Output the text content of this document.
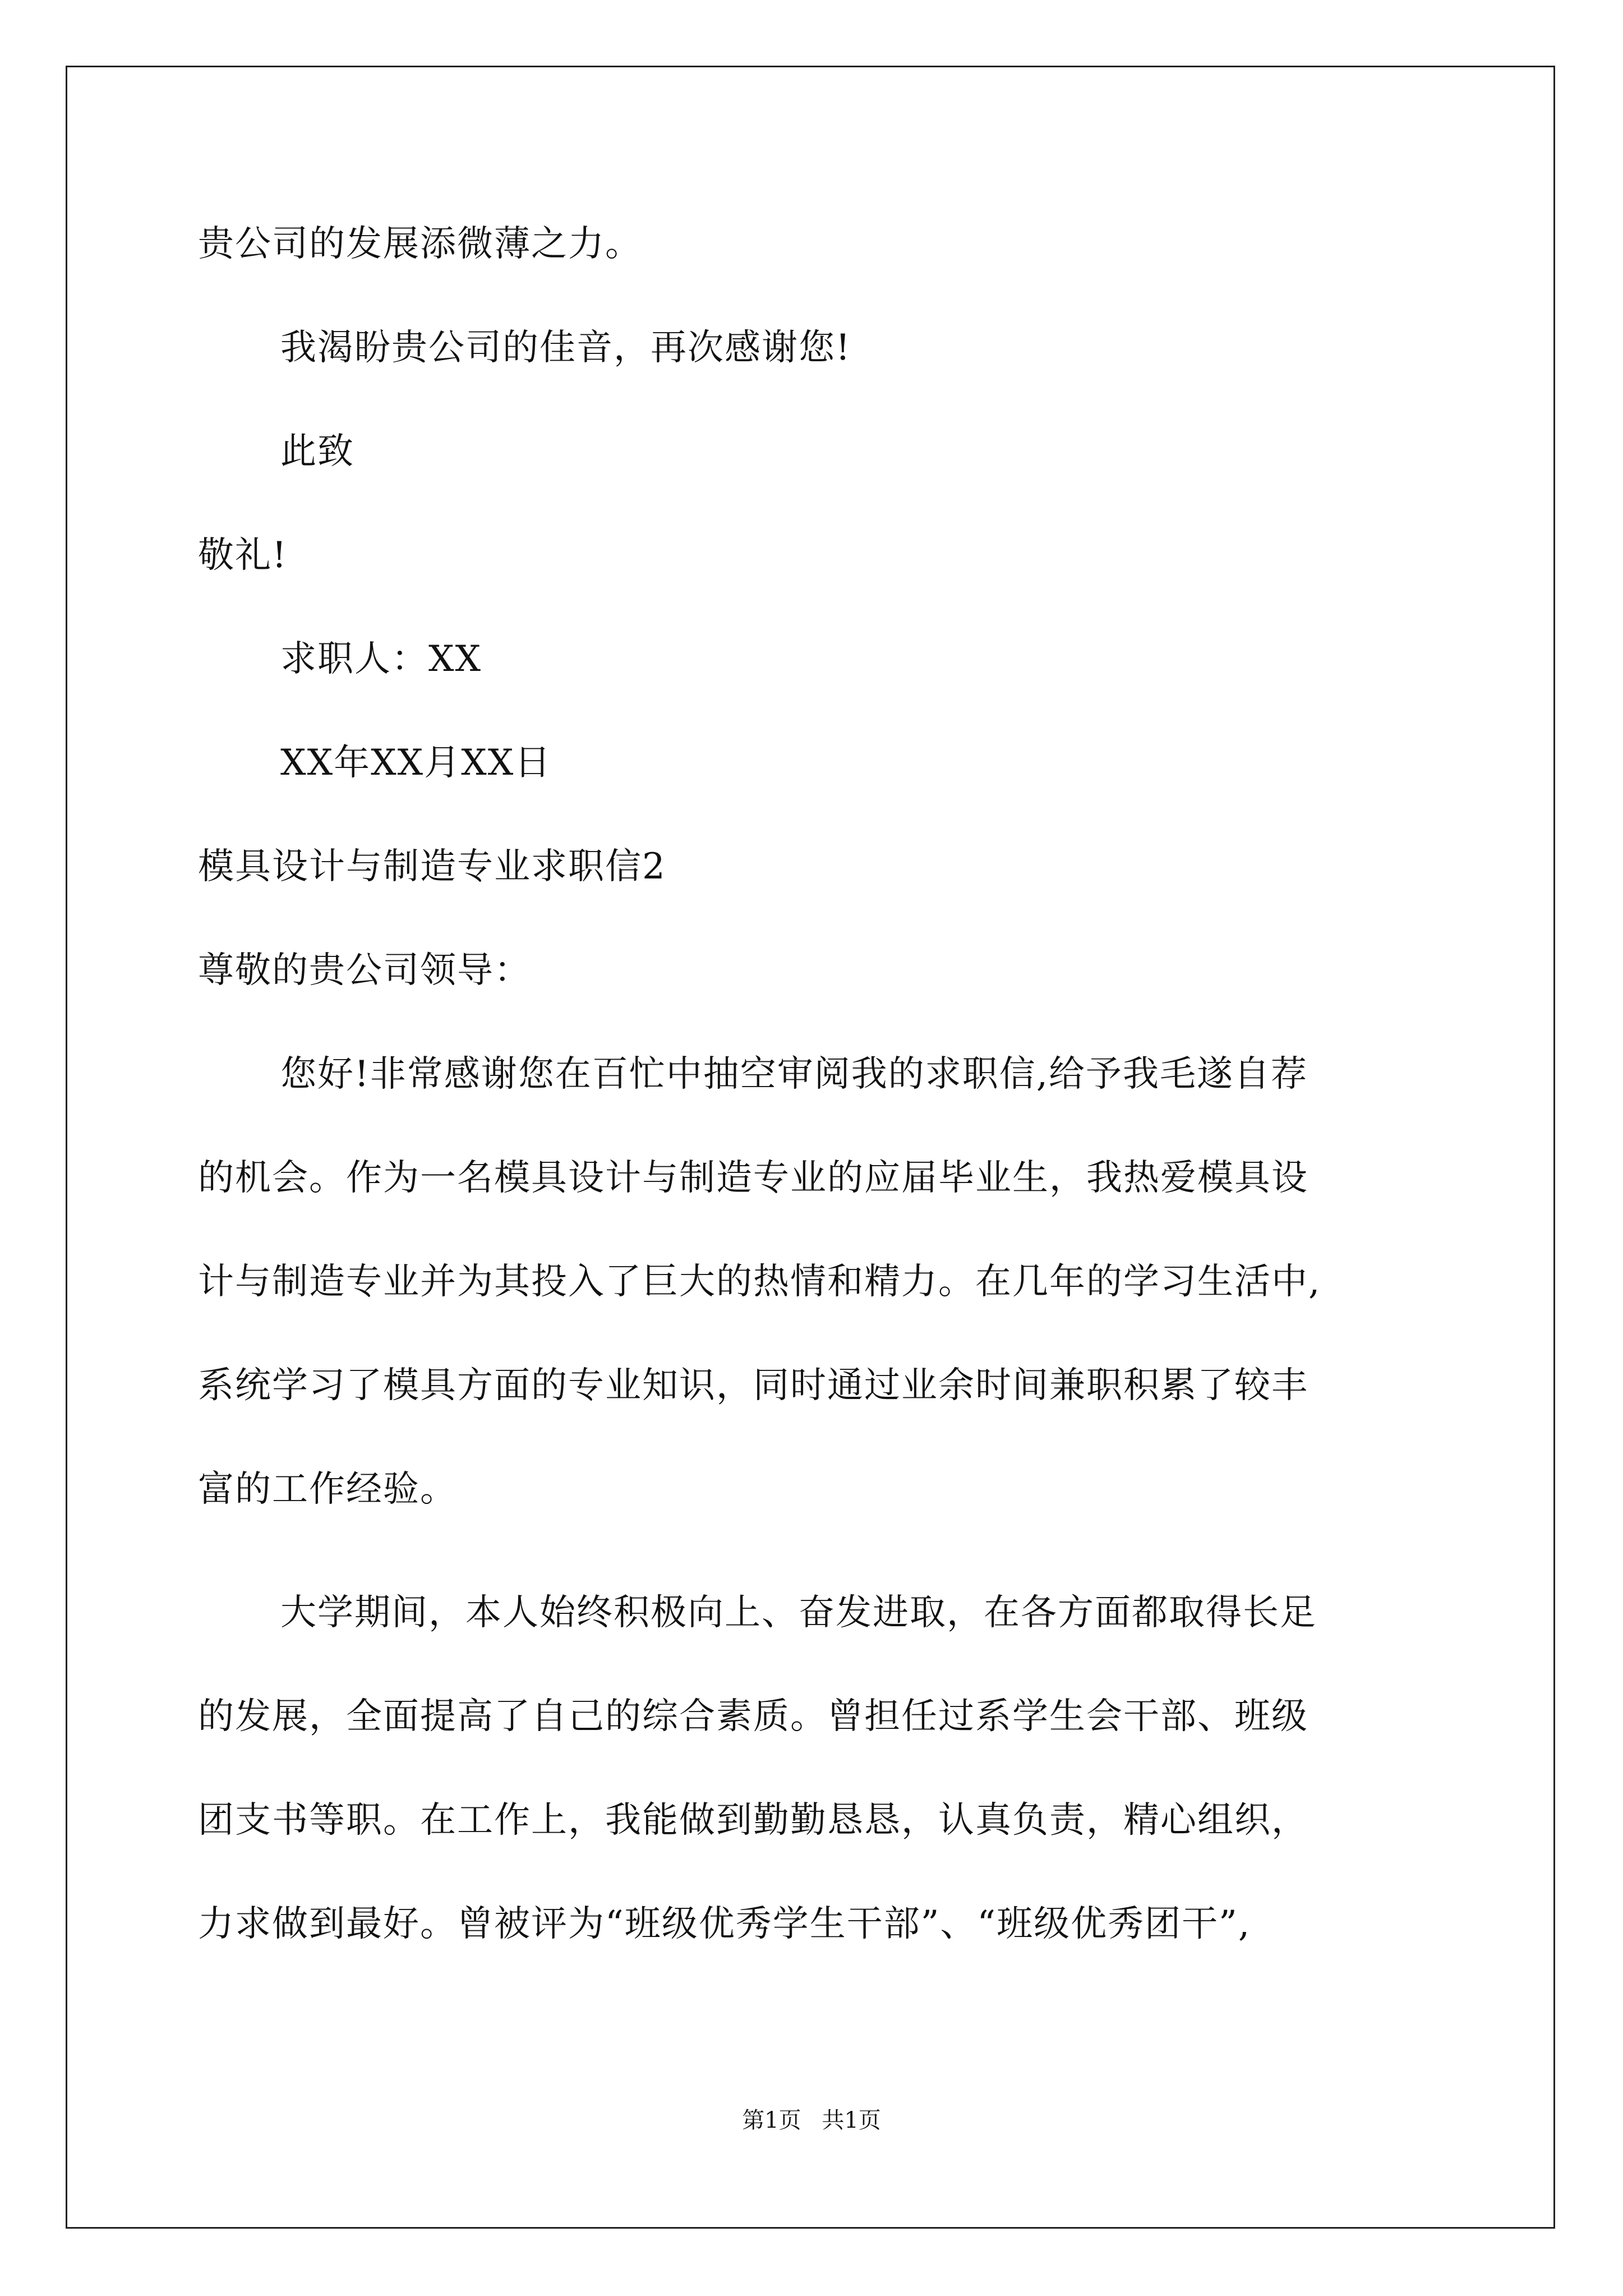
贵公司的发展添微薄之力。
我渴盼贵公司的佳音，再次感谢您!
此致
敬礼!
求职人：XX
XX年XX月XX日
模具设计与制造专业求职信2
尊敬的贵公司领导：
您好!非常感谢您在百忙中抽空审阅我的求职信,给予我毛遂自荐
的机会。作为一名模具设计与制造专业的应届毕业生，我热爱模具设
计与制造专业并为其投入了巨大的热情和精力。在几年的学习生活中,
系统学习了模具方面的专业知识，同时通过业余时间兼职积累了较丰
富的工作经验。
大学期间，本人始终积极向上、奋发进取，在各方面都取得长足
的发展，全面提高了自己的综合素质。曾担任过系学生会干部、班级
团支书等职。在工作上，我能做到勤勤恳恳，认真负责，精心组织，
力求做到最好。曾被评为“班级优秀学生干部”、“班级优秀团干”,
第1页 共1页
